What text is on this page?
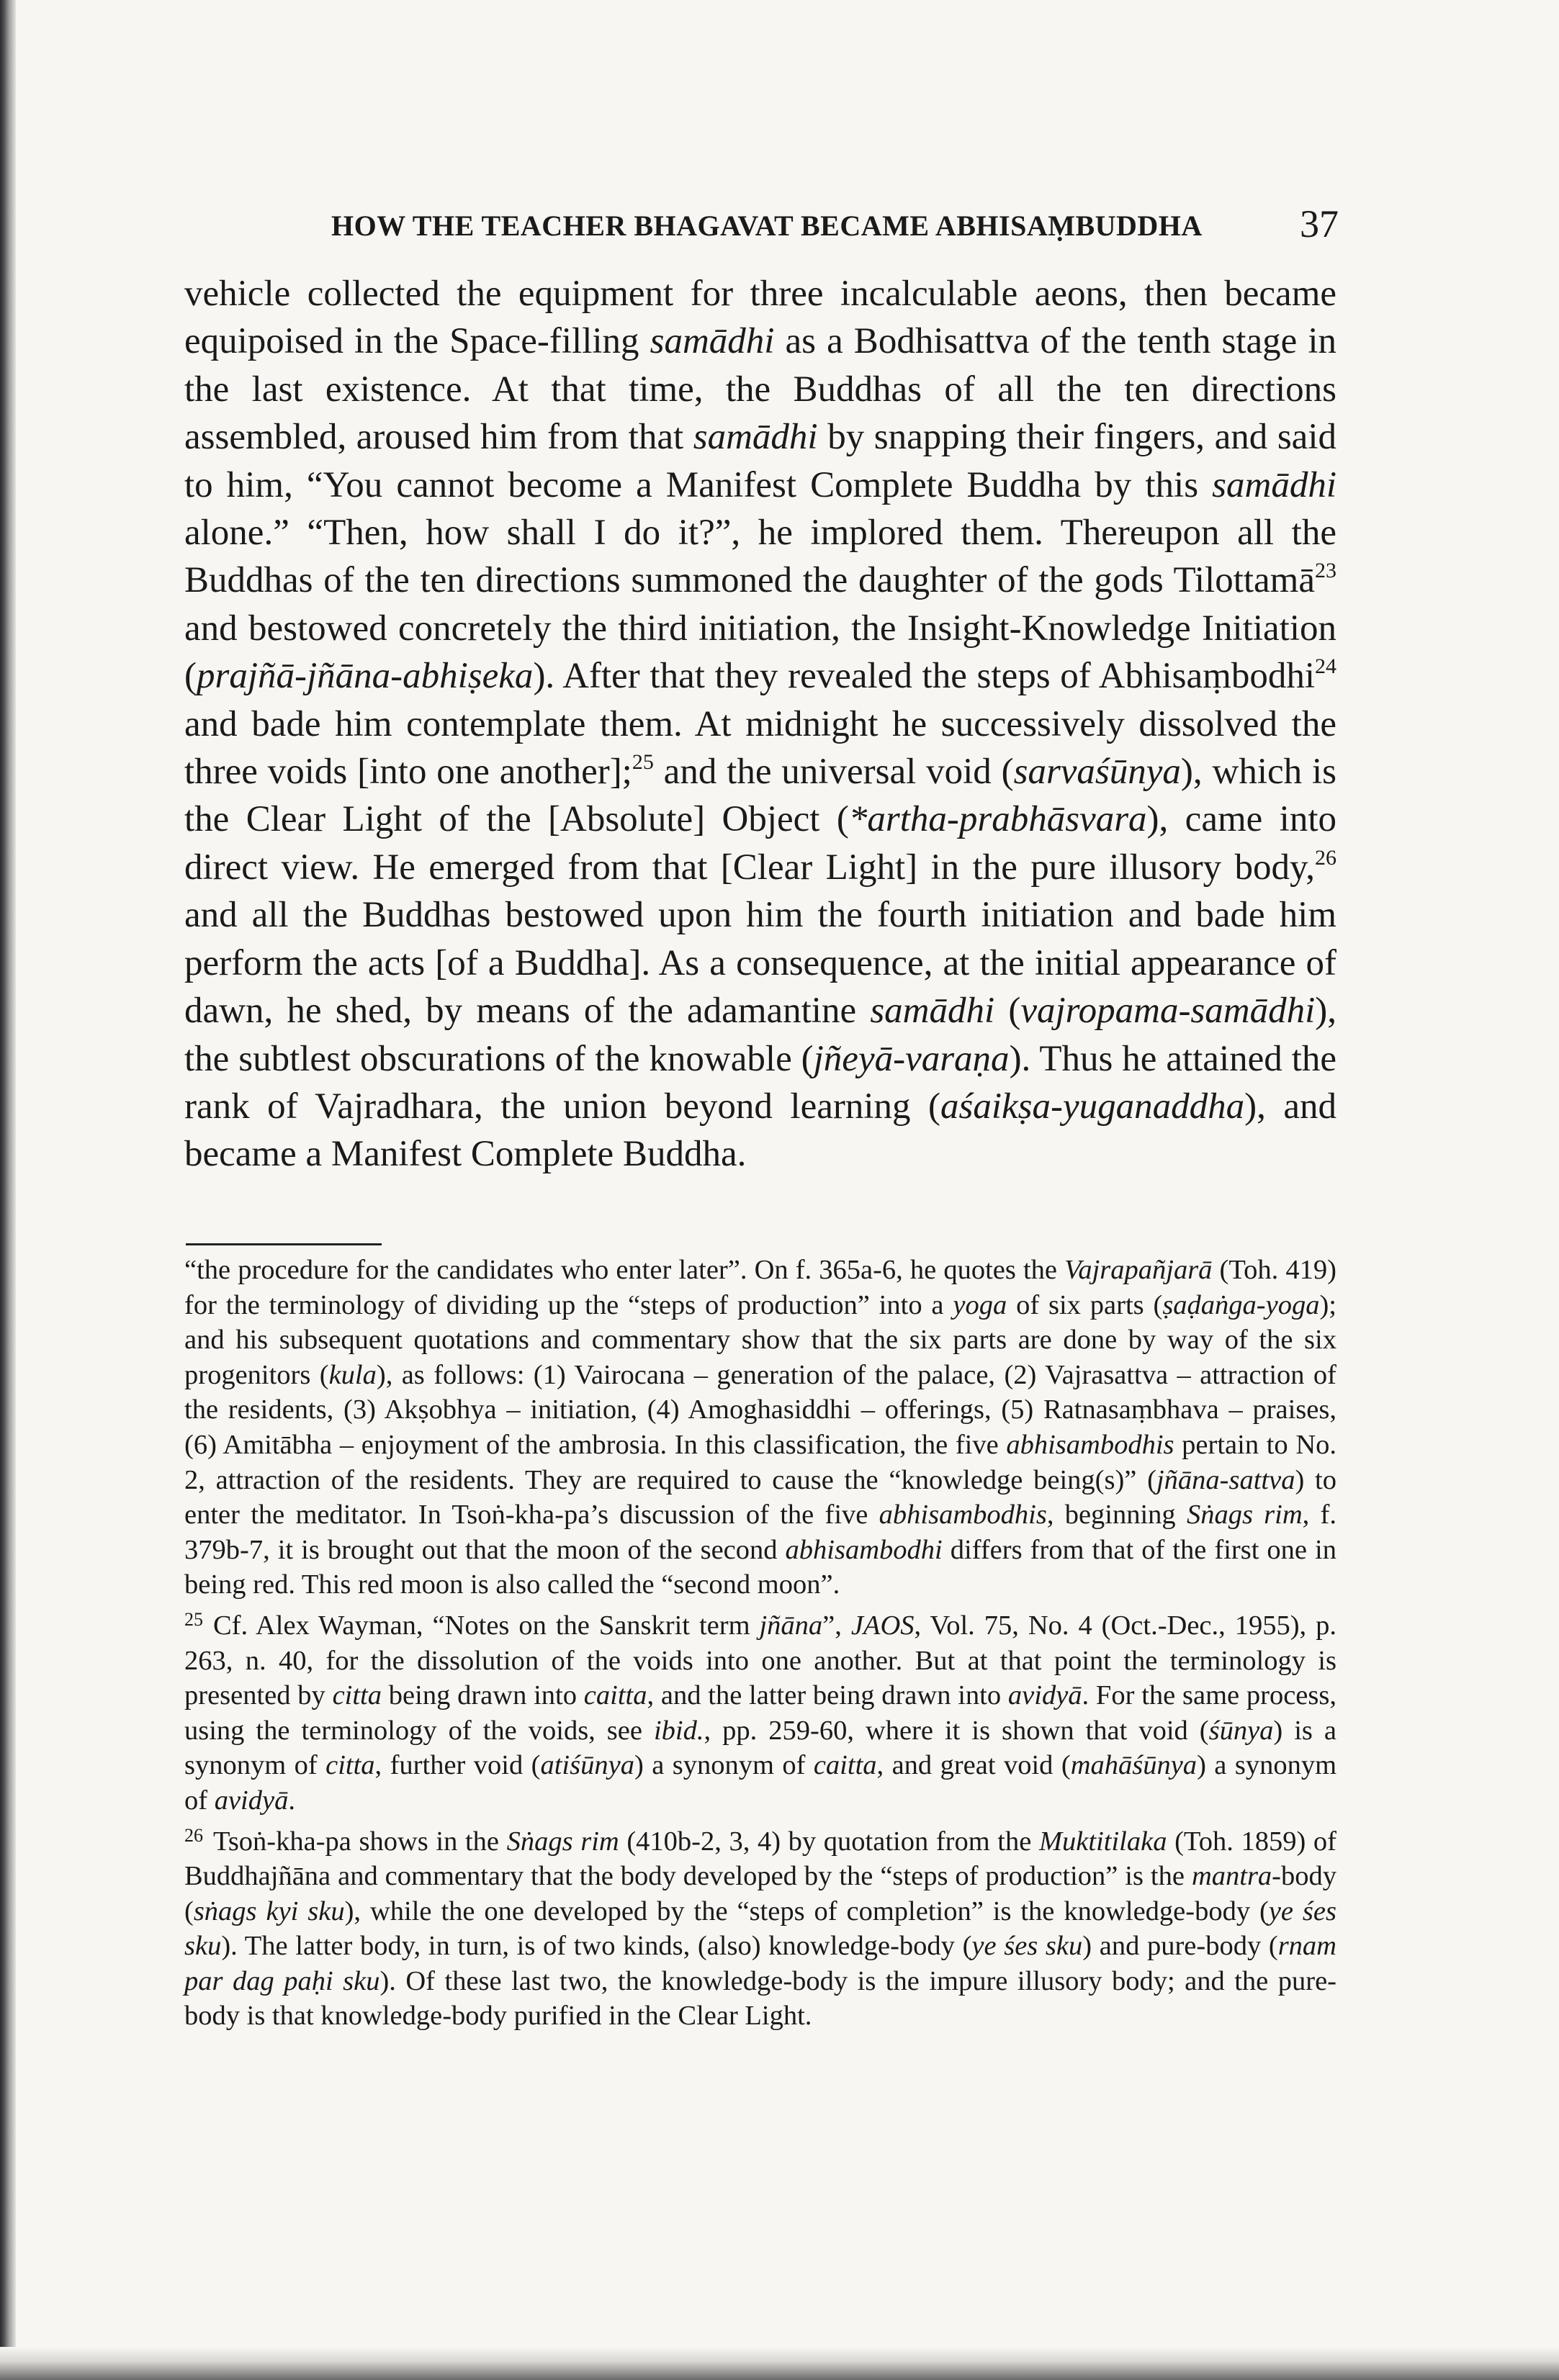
HOW THE TEACHER BHAGAVAT BECAME ABHISAṂBUDDHA	37

vehicle collected the equipment for three incalculable aeons, then became equipoised in the Space-filling samādhi as a Bodhisattva of the tenth stage in the last existence. At that time, the Buddhas of all the ten directions assembled, aroused him from that samādhi by snapping their fingers, and said to him, “You cannot become a Manifest Complete Buddha by this samādhi alone.” “Then, how shall I do it?”, he implored them. Thereupon all the Buddhas of the ten directions summoned the daughter of the gods Tilottamā$^{23}$ and bestowed concretely the third initiation, the Insight-Knowledge Initiation (prajñā-jñāna-abhiṣeka). After that they revealed the steps of Abhisaṃbodhi$^{24}$ and bade him contemplate them. At midnight he successively dissolved the three voids [into one another];$^{25}$ and the universal void (sarvaśūnya), which is the Clear Light of the [Absolute] Object (*artha-prabhāsvara), came into direct view. He emerged from that [Clear Light] in the pure illusory body,$^{26}$ and all the Buddhas bestowed upon him the fourth initiation and bade him perform the acts [of a Buddha]. As a consequence, at the initial appearance of dawn, he shed, by means of the adamantine samādhi (vajropama-samādhi), the subtlest obscurations of the knowable (jñeyā-varaṇa). Thus he attained the rank of Vajradhara, the union beyond learning (aśaikṣa-yuganaddha), and became a Manifest Complete Buddha.

“the procedure for the candidates who enter later”. On f. 365a-6, he quotes the Vajrapañjarā (Toh. 419) for the terminology of dividing up the “steps of production” into a yoga of six parts (ṣaḍaṅga-yoga); and his subsequent quotations and commentary show that the six parts are done by way of the six progenitors (kula), as follows: (1) Vairocana – generation of the palace, (2) Vajrasattva – attraction of the residents, (3) Akṣobhya – initiation, (4) Amoghasiddhi – offerings, (5) Ratnasaṃbhava – praises, (6) Amitābha – enjoyment of the ambrosia. In this classification, the five abhisambodhis pertain to No. 2, attraction of the residents. They are required to cause the “knowledge being(s)” (jñāna-sattva) to enter the meditator. In Tsoṅ-kha-pa’s discussion of the five abhisambodhis, beginning Sṅags rim, f. 379b-7, it is brought out that the moon of the second abhisambodhi differs from that of the first one in being red. This red moon is also called the “second moon”.

$^{25}$ Cf. Alex Wayman, “Notes on the Sanskrit term jñāna”, JAOS, Vol. 75, No. 4 (Oct.-Dec., 1955), p. 263, n. 40, for the dissolution of the voids into one another. But at that point the terminology is presented by citta being drawn into caitta, and the latter being drawn into avidyā. For the same process, using the terminology of the voids, see ibid., pp. 259-60, where it is shown that void (śūnya) is a synonym of citta, further void (atiśūnya) a synonym of caitta, and great void (mahāśūnya) a synonym of avidyā.

$^{26}$ Tsoṅ-kha-pa shows in the Sṅags rim (410b-2, 3, 4) by quotation from the Muktitilaka (Toh. 1859) of Buddhajñāna and commentary that the body developed by the “steps of production” is the mantra-body (sṅags kyi sku), while the one developed by the “steps of completion” is the knowledge-body (ye śes sku). The latter body, in turn, is of two kinds, (also) knowledge-body (ye śes sku) and pure-body (rnam par dag paḥi sku). Of these last two, the knowledge-body is the impure illusory body; and the pure-body is that knowledge-body purified in the Clear Light.
